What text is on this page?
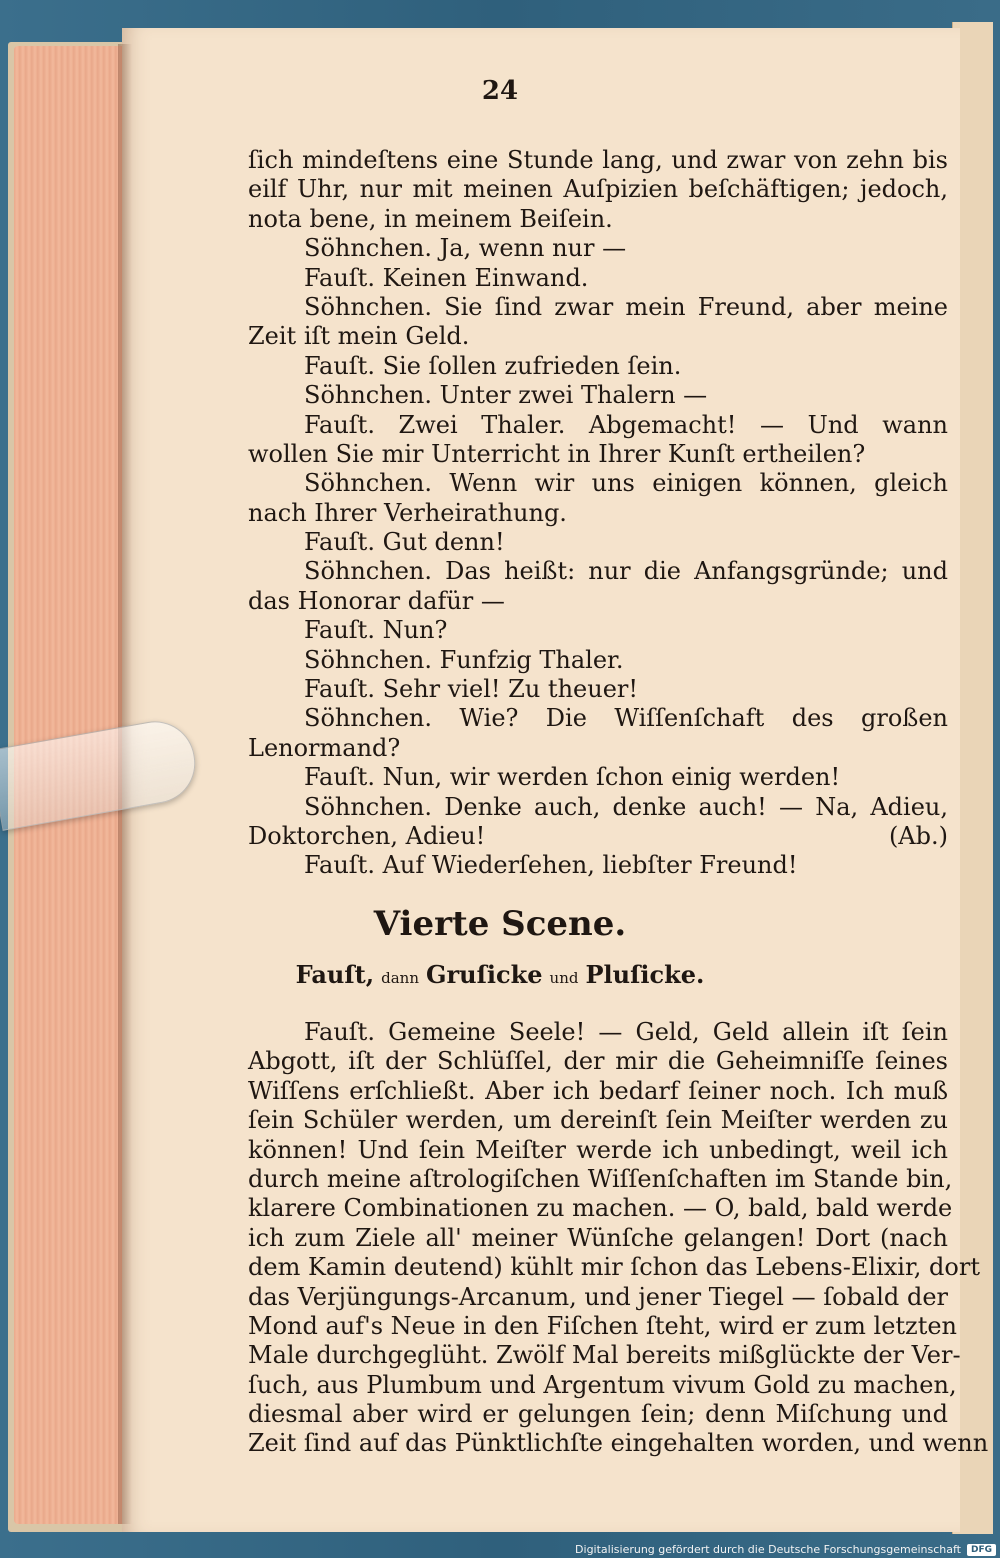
24
ſich mindeſtens eine Stunde lang, und zwar von zehn bis
eilf Uhr, nur mit meinen Auſpizien beſchäftigen; jedoch,
nota bene, in meinem Beiſein.
Söhnchen. Ja, wenn nur —
Fauſt. Keinen Einwand.
Söhnchen. Sie ſind zwar mein Freund, aber meine
Zeit iſt mein Geld.
Fauſt. Sie ſollen zufrieden ſein.
Söhnchen. Unter zwei Thalern —
Fauſt. Zwei Thaler. Abgemacht! — Und wann
wollen Sie mir Unterricht in Ihrer Kunſt ertheilen?
Söhnchen. Wenn wir uns einigen können, gleich
nach Ihrer Verheirathung.
Fauſt. Gut denn!
Söhnchen. Das heißt: nur die Anfangsgründe; und
das Honorar dafür —
Fauſt. Nun?
Söhnchen. Funfzig Thaler.
Fauſt. Sehr viel! Zu theuer!
Söhnchen. Wie? Die Wiſſenſchaft des großen
Lenormand?
Fauſt. Nun, wir werden ſchon einig werden!
Söhnchen. Denke auch, denke auch! — Na, Adieu,
Doktorchen, Adieu!	(Ab.)
Fauſt. Auf Wiederſehen, liebſter Freund!
Vierte Scene.
Fauſt, dann Gruſicke und Pluſicke.
Fauſt. Gemeine Seele! — Geld, Geld allein iſt ſein
Abgott, iſt der Schlüſſel, der mir die Geheimniſſe ſeines
Wiſſens erſchließt. Aber ich bedarf ſeiner noch. Ich muß
ſein Schüler werden, um dereinſt ſein Meiſter werden zu
können! Und ſein Meiſter werde ich unbedingt, weil ich
durch meine aſtrologiſchen Wiſſenſchaften im Stande bin,
klarere Combinationen zu machen. — O, bald, bald werde
ich zum Ziele all' meiner Wünſche gelangen! Dort (nach
dem Kamin deutend) kühlt mir ſchon das Lebens-Elixir, dort
das Verjüngungs-Arcanum, und jener Tiegel — ſobald der
Mond auf's Neue in den Fiſchen ſteht, wird er zum letzten
Male durchgeglüht. Zwölf Mal bereits mißglückte der Ver-
ſuch, aus Plumbum und Argentum vivum Gold zu machen,
diesmal aber wird er gelungen ſein; denn Miſchung und
Zeit ſind auf das Pünktlichſte eingehalten worden, und wenn
Digitalisierung gefördert durch die Deutsche Forschungsgemeinschaft	DFG
